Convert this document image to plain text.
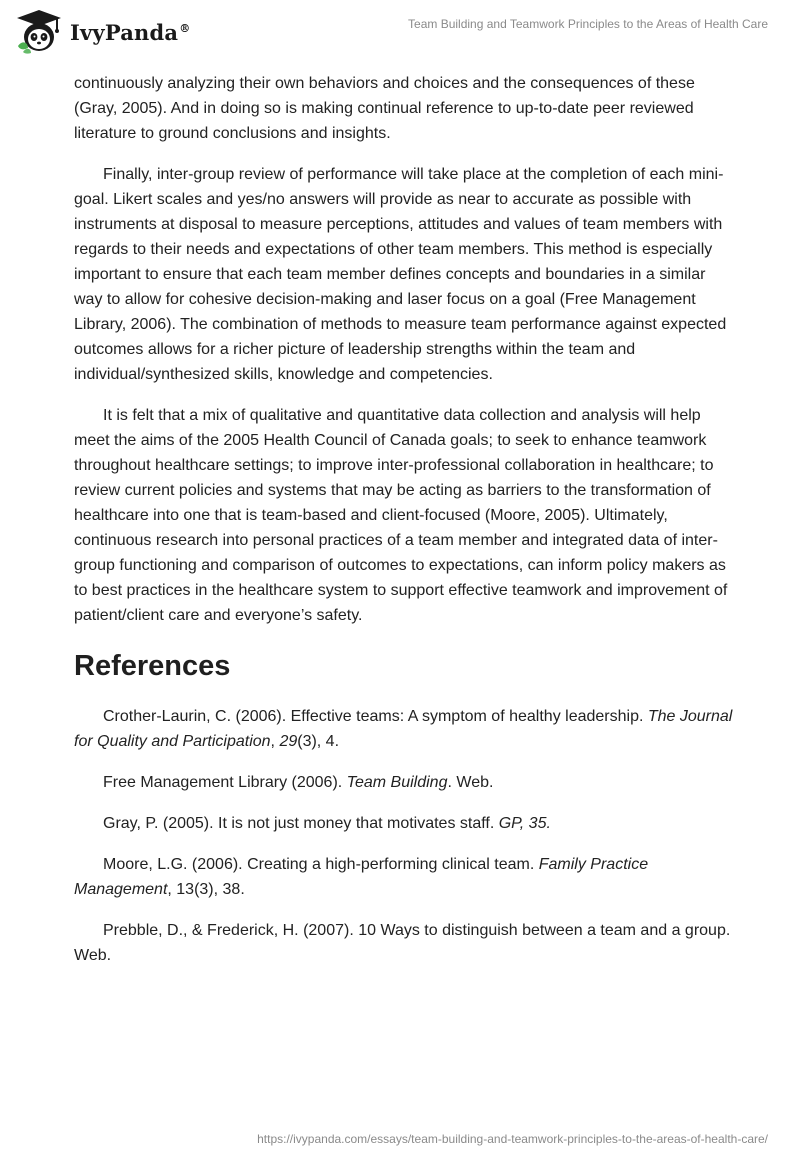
IvyPanda®	Team Building and Teamwork Principles to the Areas of Health Care

continuously analyzing their own behaviors and choices and the consequences of these (Gray, 2005). And in doing so is making continual reference to up-to-date peer reviewed literature to ground conclusions and insights.

Finally, inter-group review of performance will take place at the completion of each mini-goal. Likert scales and yes/no answers will provide as near to accurate as possible with instruments at disposal to measure perceptions, attitudes and values of team members with regards to their needs and expectations of other team members. This method is especially important to ensure that each team member defines concepts and boundaries in a similar way to allow for cohesive decision-making and laser focus on a goal (Free Management Library, 2006). The combination of methods to measure team performance against expected outcomes allows for a richer picture of leadership strengths within the team and individual/synthesized skills, knowledge and competencies.

It is felt that a mix of qualitative and quantitative data collection and analysis will help meet the aims of the 2005 Health Council of Canada goals; to seek to enhance teamwork throughout healthcare settings; to improve inter-professional collaboration in healthcare; to review current policies and systems that may be acting as barriers to the transformation of healthcare into one that is team-based and client-focused (Moore, 2005). Ultimately, continuous research into personal practices of a team member and integrated data of inter-group functioning and comparison of outcomes to expectations, can inform policy makers as to best practices in the healthcare system to support effective teamwork and improvement of patient/client care and everyone’s safety.

References

Crother-Laurin, C. (2006). Effective teams: A symptom of healthy leadership. The Journal for Quality and Participation, 29(3), 4.

Free Management Library (2006). Team Building. Web.

Gray, P. (2005). It is not just money that motivates staff. GP, 35.

Moore, L.G. (2006). Creating a high-performing clinical team. Family Practice Management, 13(3), 38.

Prebble, D., & Frederick, H. (2007). 10 Ways to distinguish between a team and a group. Web.

https://ivypanda.com/essays/team-building-and-teamwork-principles-to-the-areas-of-health-care/
